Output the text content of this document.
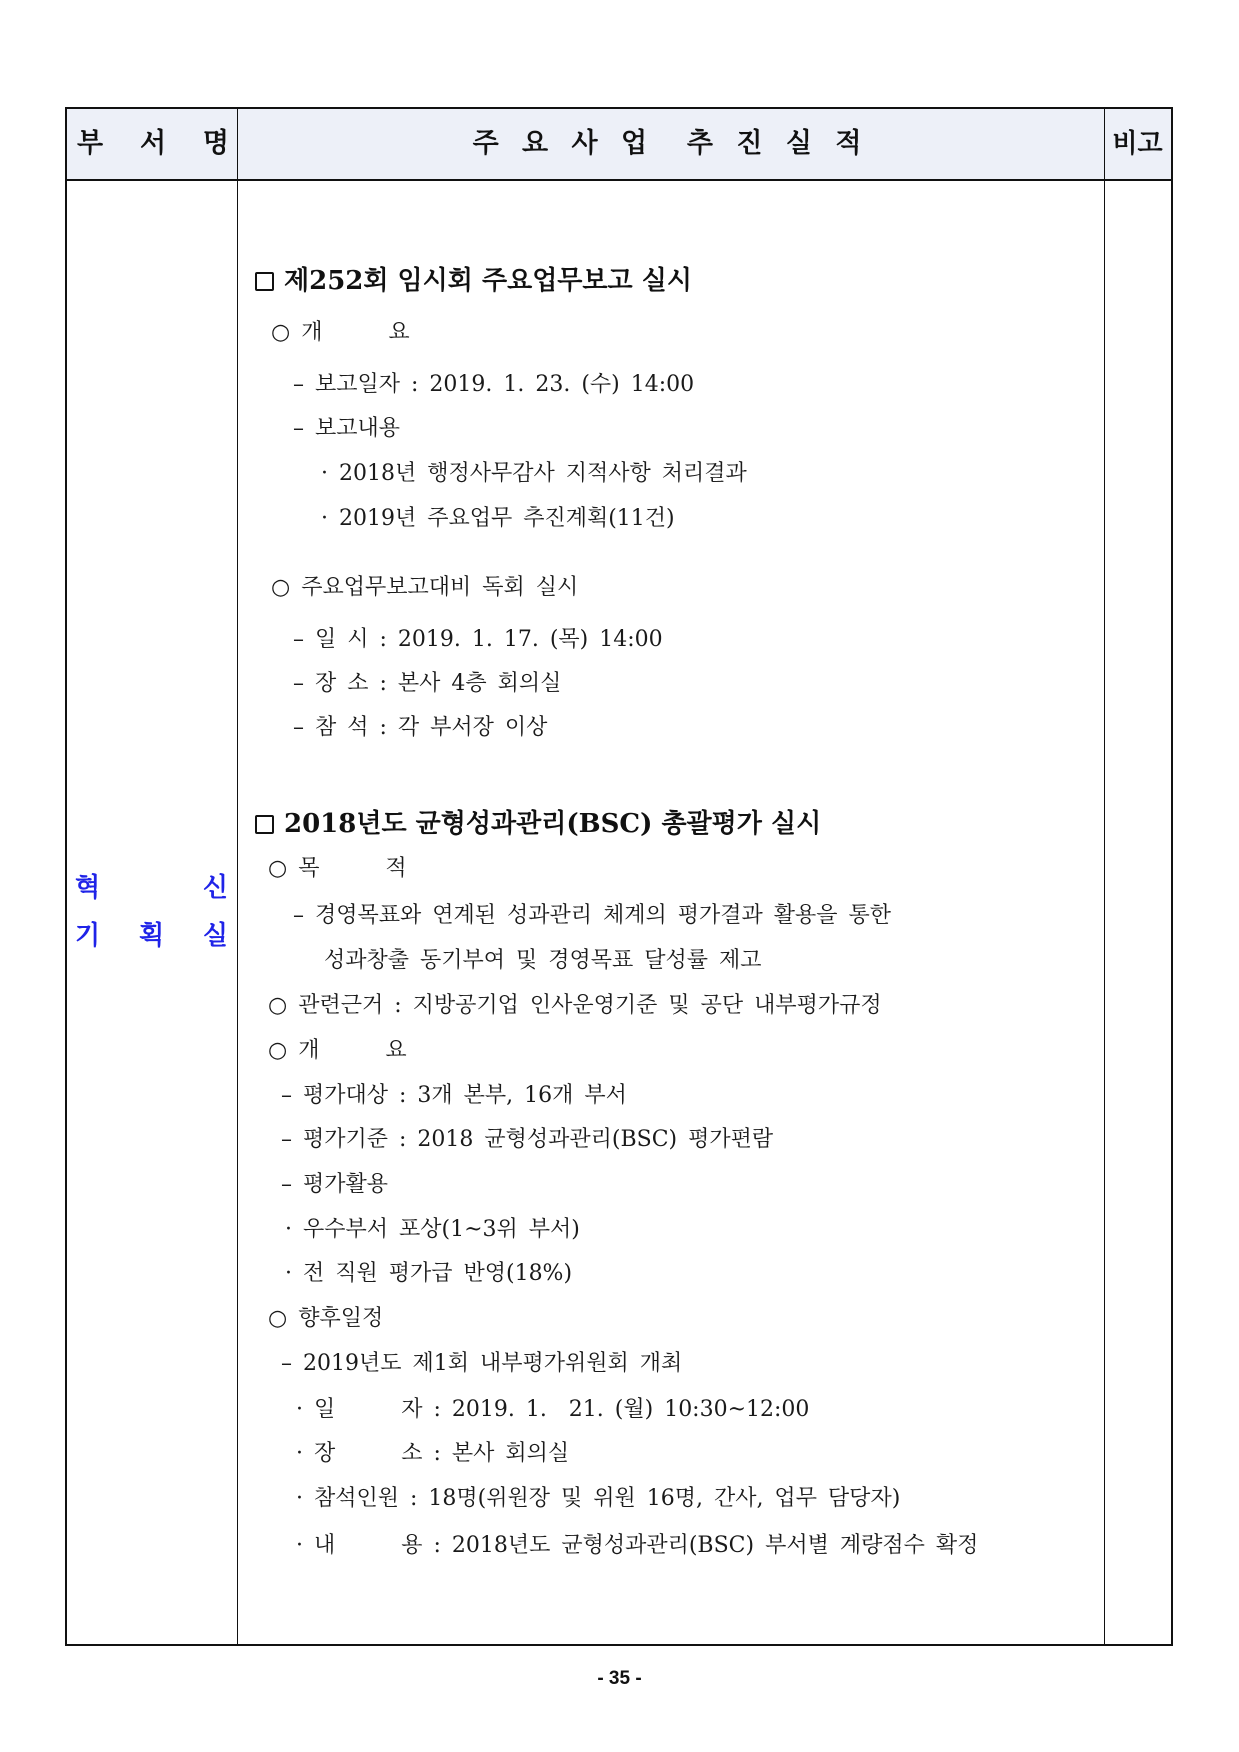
부 서 명	주 요 사 업  추 진 실 적	비고
혁 신
기 획 실
제252회 임시회 주요업무보고 실시
○ 개      요
– 보고일자 : 2019. 1. 23. (수) 14:00
– 보고내용
· 2018년 행정사무감사 지적사항 처리결과
· 2019년 주요업무 추진계획(11건)
○ 주요업무보고대비 독회 실시
– 일 시 : 2019. 1. 17. (목) 14:00
– 장 소 : 본사 4층 회의실
– 참 석 : 각 부서장 이상
2018년도 균형성과관리(BSC) 총괄평가 실시
○ 목      적
– 경영목표와 연계된 성과관리 체계의 평가결과 활용을 통한
성과창출 동기부여 및 경영목표 달성률 제고
○ 관련근거 : 지방공기업 인사운영기준 및 공단 내부평가규정
○ 개      요
– 평가대상 : 3개 본부, 16개 부서
– 평가기준 : 2018 균형성과관리(BSC) 평가편람
– 평가활용
· 우수부서 포상(1~3위 부서)
· 전 직원 평가급 반영(18%)
○ 향후일정
– 2019년도 제1회 내부평가위원회 개최
· 일      자 : 2019. 1.  21. (월) 10:30~12:00
· 장      소 : 본사 회의실
· 참석인원 : 18명(위원장 및 위원 16명, 간사, 업무 담당자)
· 내      용 : 2018년도 균형성과관리(BSC) 부서별 계량점수 확정
- 35 -
